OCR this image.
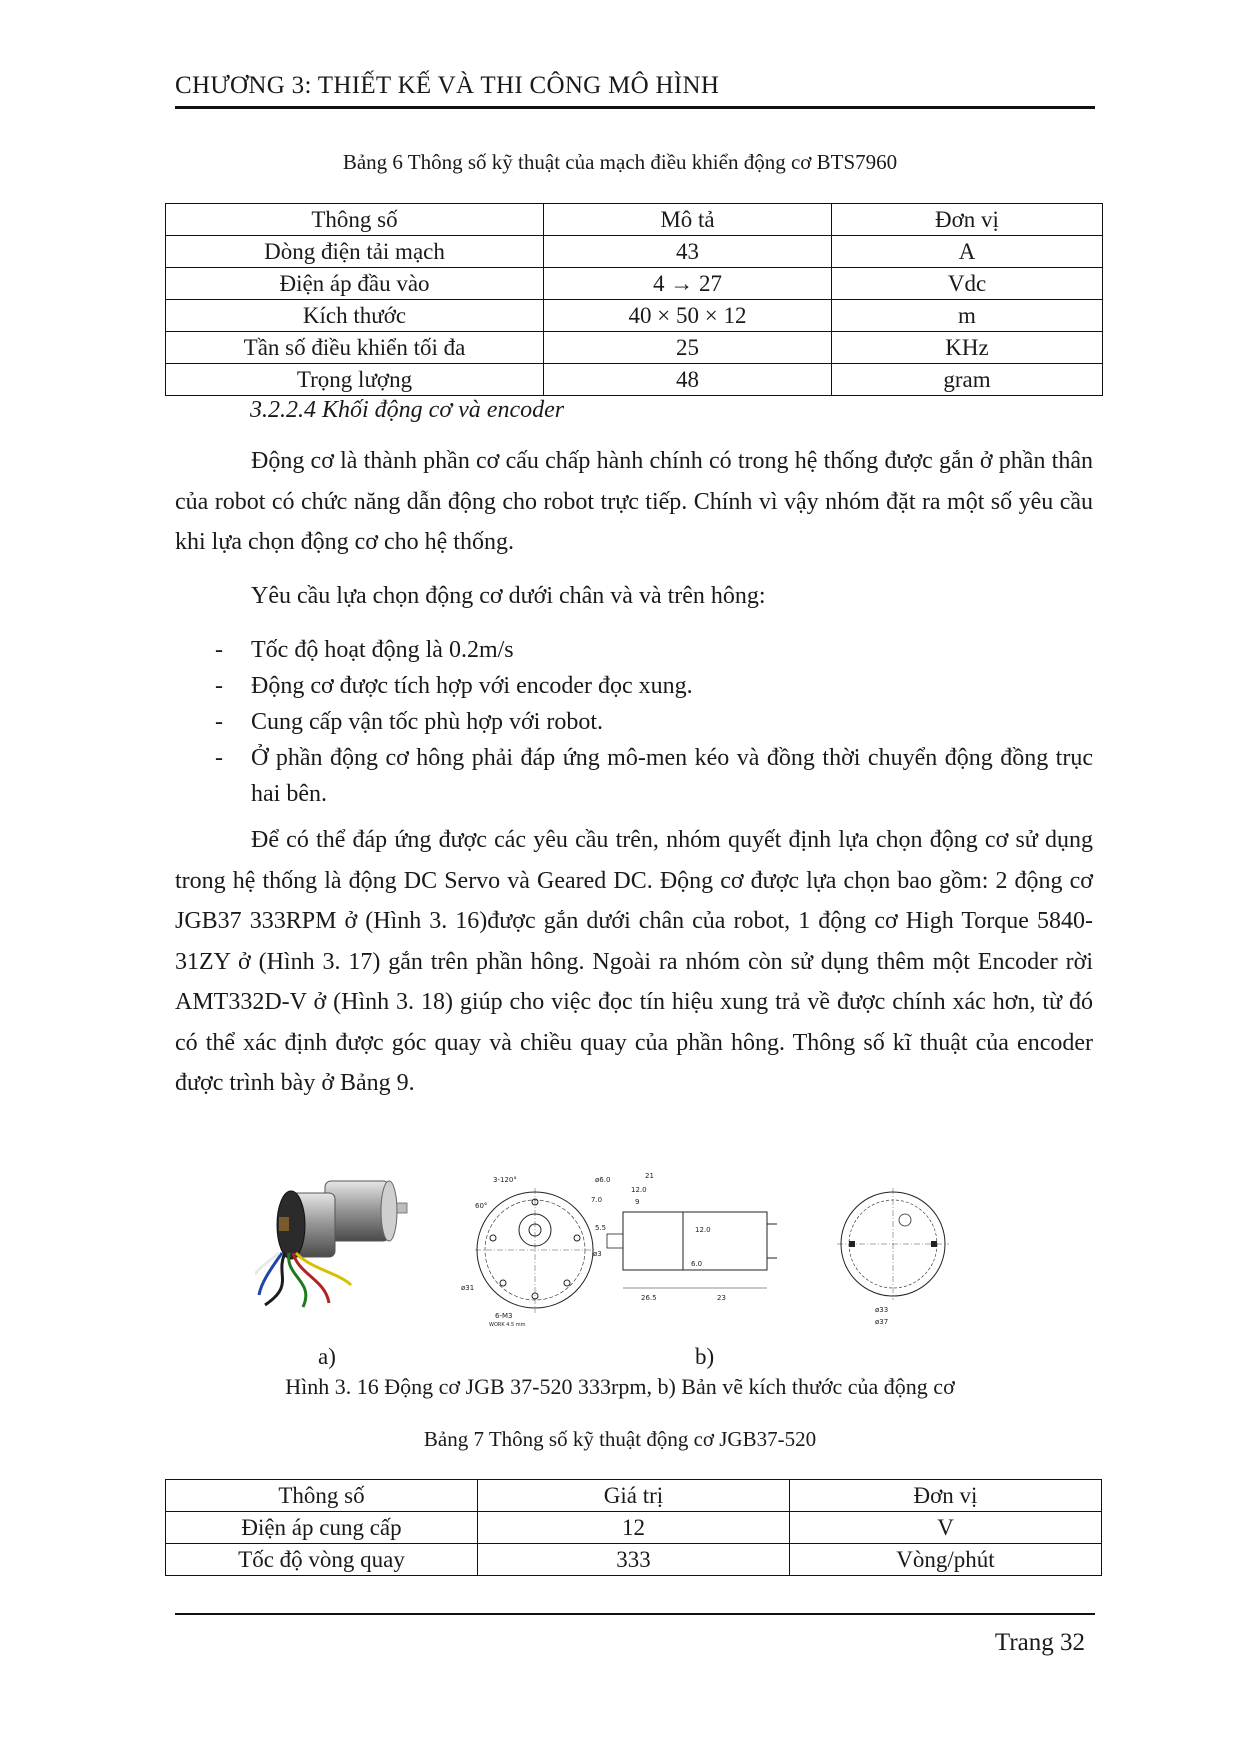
CHƯƠNG 3: THIẾT KẾ VÀ THI CÔNG MÔ HÌNH
Bảng 6 Thông số kỹ thuật của mạch điều khiển động cơ BTS7960
Thông số	Mô tả	Đơn vị
Dòng điện tải mạch	43	A
Điện áp đầu vào	4 → 27	Vdc
Kích thước	40 × 50 × 12	m
Tần số điều khiển tối đa	25	KHz
Trọng lượng	48	gram
3.2.2.4 Khối động cơ và encoder

Động cơ là thành phần cơ cấu chấp hành chính có trong hệ thống được gắn ở phần thân của robot có chức năng dẫn động cho robot trực tiếp. Chính vì vậy nhóm đặt ra một số yêu cầu khi lựa chọn động cơ cho hệ thống.

Yêu cầu lựa chọn động cơ dưới chân và và trên hông:

- Tốc độ hoạt động là 0.2m/s
- Động cơ được tích hợp với encoder đọc xung.
- Cung cấp vận tốc phù hợp với robot.
- Ở phần động cơ hông phải đáp ứng mô-men kéo và đồng thời chuyển động đồng trục hai bên.

Để có thể đáp ứng được các yêu cầu trên, nhóm quyết định lựa chọn động cơ sử dụng trong hệ thống là động DC Servo và Geared DC. Động cơ được lựa chọn bao gồm: 2 động cơ JGB37 333RPM ở (Hình 3. 16)được gắn dưới chân của robot, 1 động cơ High Torque 5840-31ZY ở (Hình 3. 17) gắn trên phần hông. Ngoài ra nhóm còn sử dụng thêm một Encoder rời AMT332D-V ở (Hình 3. 18) giúp cho việc đọc tín hiệu xung trả về được chính xác hơn, từ đó có thể xác định được góc quay và chiều quay của phần hông. Thông số kĩ thuật của encoder được trình bày ở Bảng 9.

3-120°
60°
ø31
6-M3
WORK 4.5 mm
7.0
ø6.0	21
12.0
9
5.5
6.0
ø3
26.5	23
12.0
ø33
ø37
a)	b)
Hình 3. 16 Động cơ JGB 37-520 333rpm, b) Bản vẽ kích thước của động cơ
Bảng 7 Thông số kỹ thuật động cơ JGB37-520
Thông số	Giá trị	Đơn vị
Điện áp cung cấp	12	V
Tốc độ vòng quay	333	Vòng/phút
Trang 32
